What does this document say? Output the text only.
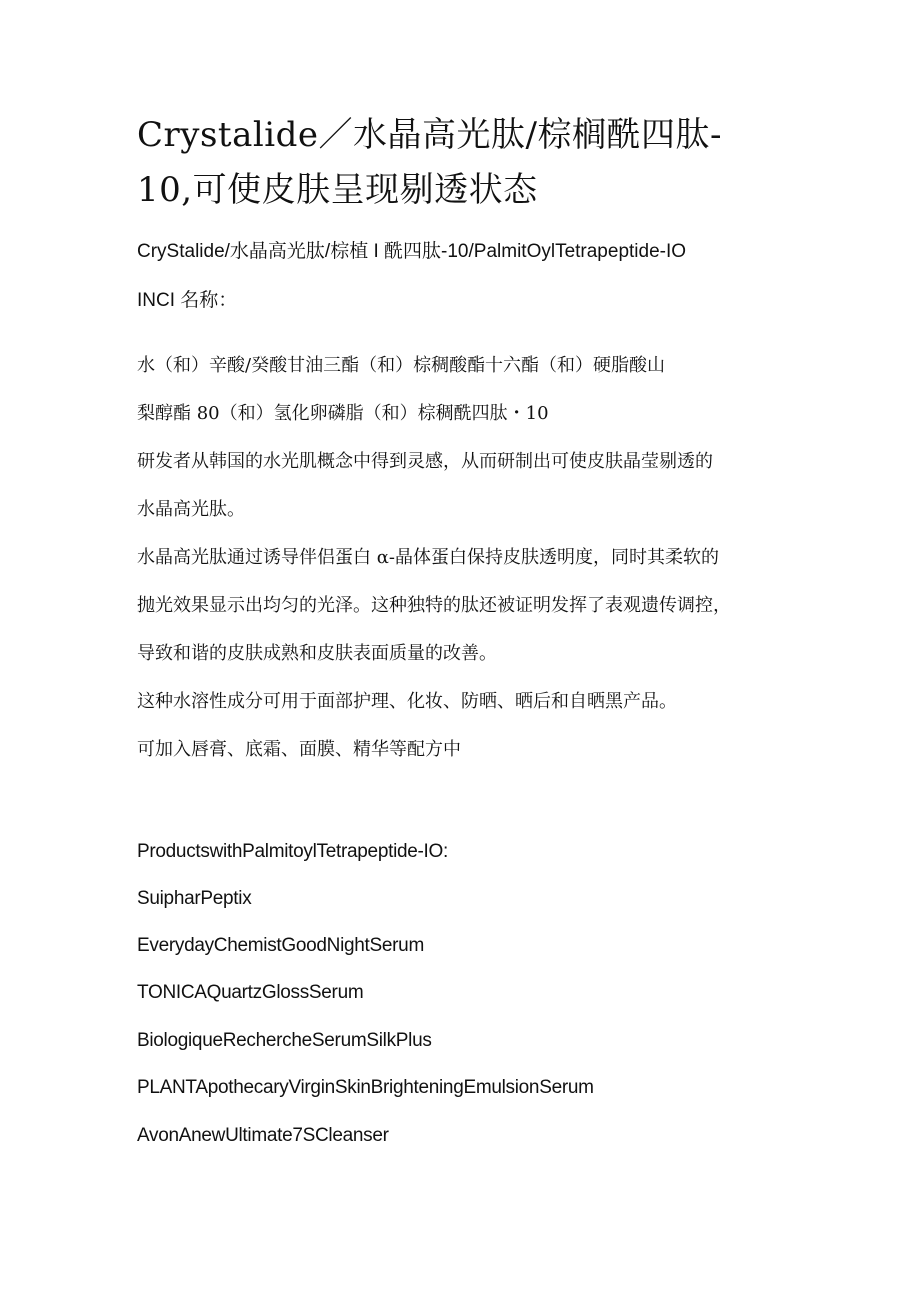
Crystalide／水晶高光肽/棕榈酰四肽-
10,可使皮肤呈现剔透状态
CryStalide/水晶高光肽/棕植 I 酰四肽-10/PalmitOylTetrapeptide-IO
INCI 名称：
水（和）辛酸/癸酸甘油三酯（和）棕稠酸酯十六酯（和）硬脂酸山
梨醇酯 80（和）氢化卵磷脂（和）棕稠酰四肽・10
研发者从韩国的水光肌概念中得到灵感，从而研制出可使皮肤晶莹剔透的
水晶高光肽。
水晶高光肽通过诱导伴侣蛋白 α-晶体蛋白保持皮肤透明度，同时其柔软的
抛光效果显示出均匀的光泽。这种独特的肽还被证明发挥了表观遗传调控，
导致和谐的皮肤成熟和皮肤表面质量的改善。
这种水溶性成分可用于面部护理、化妆、防晒、晒后和自晒黑产品。
可加入唇膏、底霜、面膜、精华等配方中
ProductswithPalmitoylTetrapeptide-IO:
SuipharPeptix
EverydayChemistGoodNightSerum
TONICAQuartzGlossSerum
BiologiqueRechercheSerumSilkPlus
PLANTApothecaryVirginSkinBrighteningEmulsionSerum
AvonAnewUltimate7SCleanser
